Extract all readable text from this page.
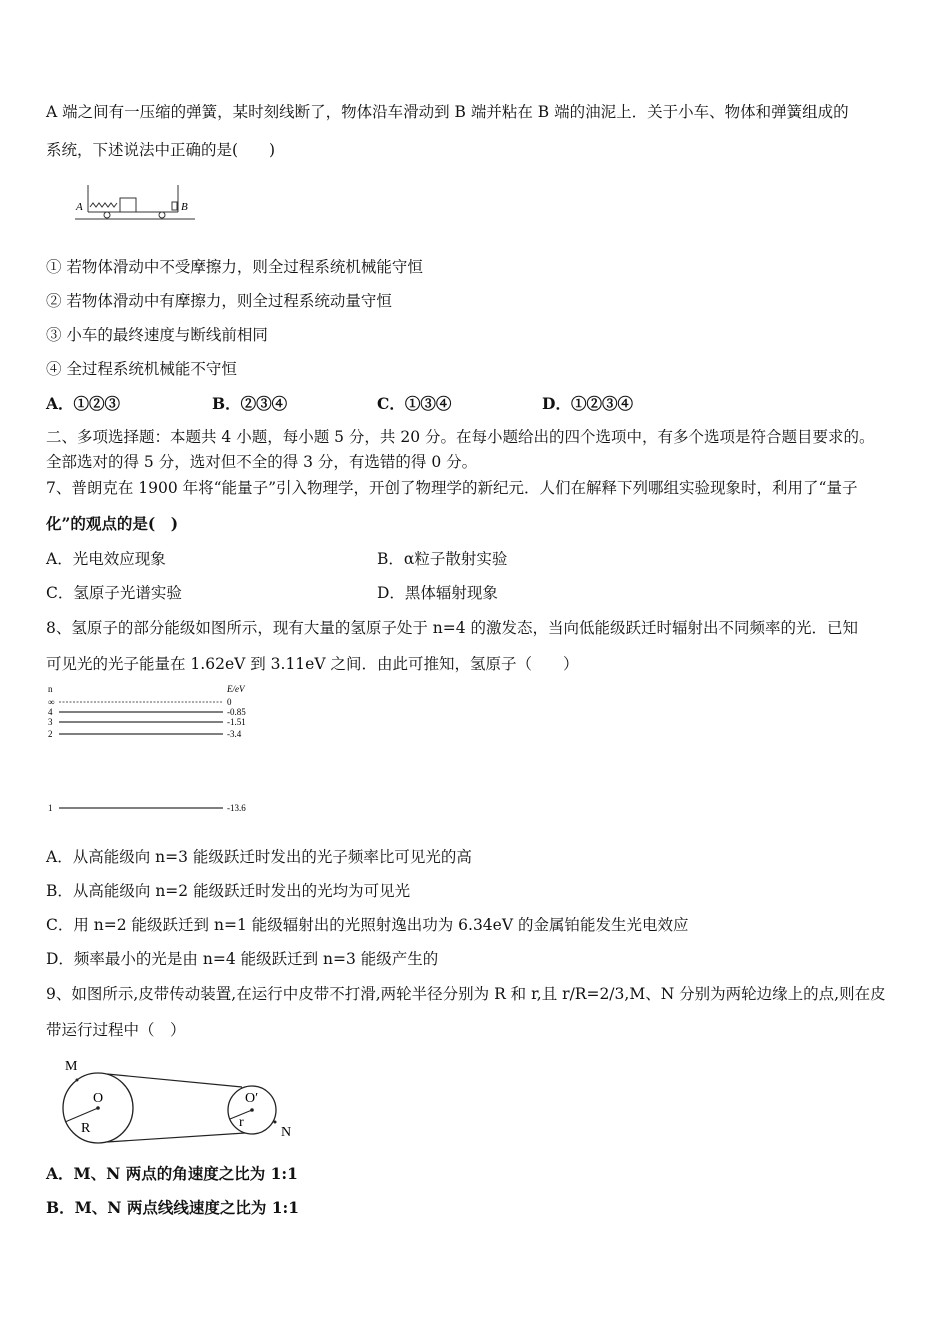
A 端之间有一压缩的弹簧，某时刻线断了，物体沿车滑动到 B 端并粘在 B 端的油泥上．关于小车、物体和弹簧组成的
系统，下述说法中正确的是(　　)
A	B
① 若物体滑动中不受摩擦力，则全过程系统机械能守恒
② 若物体滑动中有摩擦力，则全过程系统动量守恒
③ 小车的最终速度与断线前相同
④ 全过程系统机械能不守恒
A．①②③	B．②③④	C．①③④	D．①②③④
二、多项选择题：本题共 4 小题，每小题 5 分，共 20 分。在每小题给出的四个选项中，有多个选项是符合题目要求的。
全部选对的得 5 分，选对但不全的得 3 分，有选错的得 0 分。
7、普朗克在 1900 年将“能量子”引入物理学，开创了物理学的新纪元．人们在解释下列哪组实验现象时，利用了“量子
化”的观点的是(　)
A．光电效应现象	B．α粒子散射实验
C．氢原子光谱实验	D．黑体辐射现象
8、氢原子的部分能级如图所示，现有大量的氢原子处于 n=4 的激发态，当向低能级跃迁时辐射出不同频率的光．已知
可见光的光子能量在 1.62eV 到 3.11eV 之间．由此可推知，氢原子（　　）
n	E/eV
∞
4
3
2
1
0
-0.85
-1.51
-3.4
-13.6
A．从高能级向 n=3 能级跃迁时发出的光子频率比可见光的高
B．从高能级向 n=2 能级跃迁时发出的光均为可见光
C．用 n=2 能级跃迁到 n=1 能级辐射出的光照射逸出功为 6.34eV 的金属铂能发生光电效应
D．频率最小的光是由 n=4 能级跃迁到 n=3 能级产生的
9、如图所示,皮带传动装置,在运行中皮带不打滑,两轮半径分别为 R 和 r,且 r/R=2/3,M、N 分别为两轮边缘上的点,则在皮
带运行过程中（　）
M
O
R
O′
r
N
A．M、N 两点的角速度之比为 1:1
B．M、N 两点线线速度之比为 1:1
